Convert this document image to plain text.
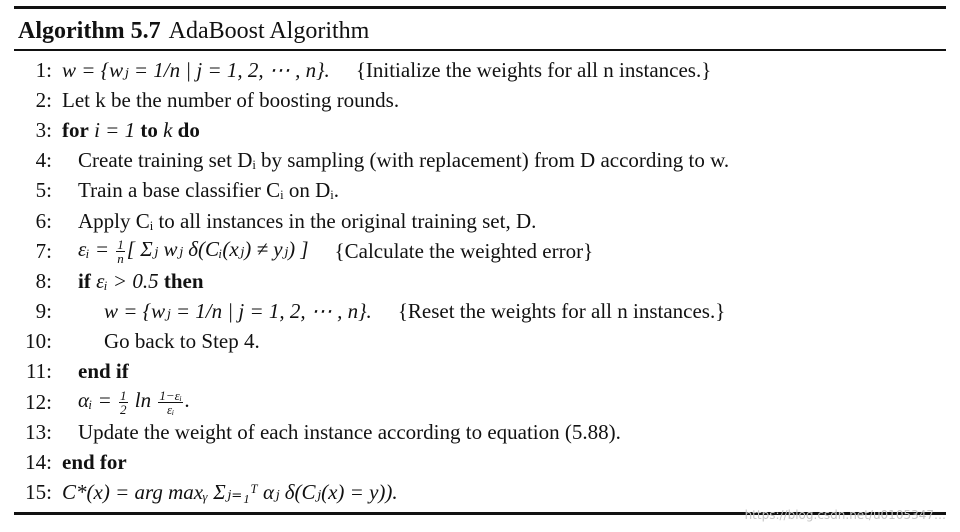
Algorithm 5.7 AdaBoost Algorithm
1: w = {wⱼ = 1/n | j = 1, 2, ⋯ , n}. {Initialize the weights for all n instances.}
2: Let k be the number of boosting rounds.
3: for i = 1 to k do
4:	Create training set Dᵢ by sampling (with replacement) from D according to w.
5:	Train a base classifier Cᵢ on Dᵢ.
6:	Apply Cᵢ to all instances in the original training set, D.
7:	εᵢ = $\frac{1}{n}$ [ Σⱼ wⱼ δ(Cᵢ(xⱼ) ≠ yⱼ) ] {Calculate the weighted error}
8:	if εᵢ > 0.5 then
9:	w = {wⱼ = 1/n | j = 1, 2, ⋯ , n}. {Reset the weights for all n instances.}
10:	Go back to Step 4.
11:	end if
12:	αᵢ = $\frac{1}{2}$ $\ln \frac{\text{1−εᵢ}}{\text{εᵢ}}$ .
13:	Update the weight of each instance according to equation (5.88).
14: end for
15: C*(x) = arg maxᵧ Σⱼ₌₁ᵀ αⱼ δ(Cⱼ(x) = y)).
https://blog.csdn.net/u0105347…
